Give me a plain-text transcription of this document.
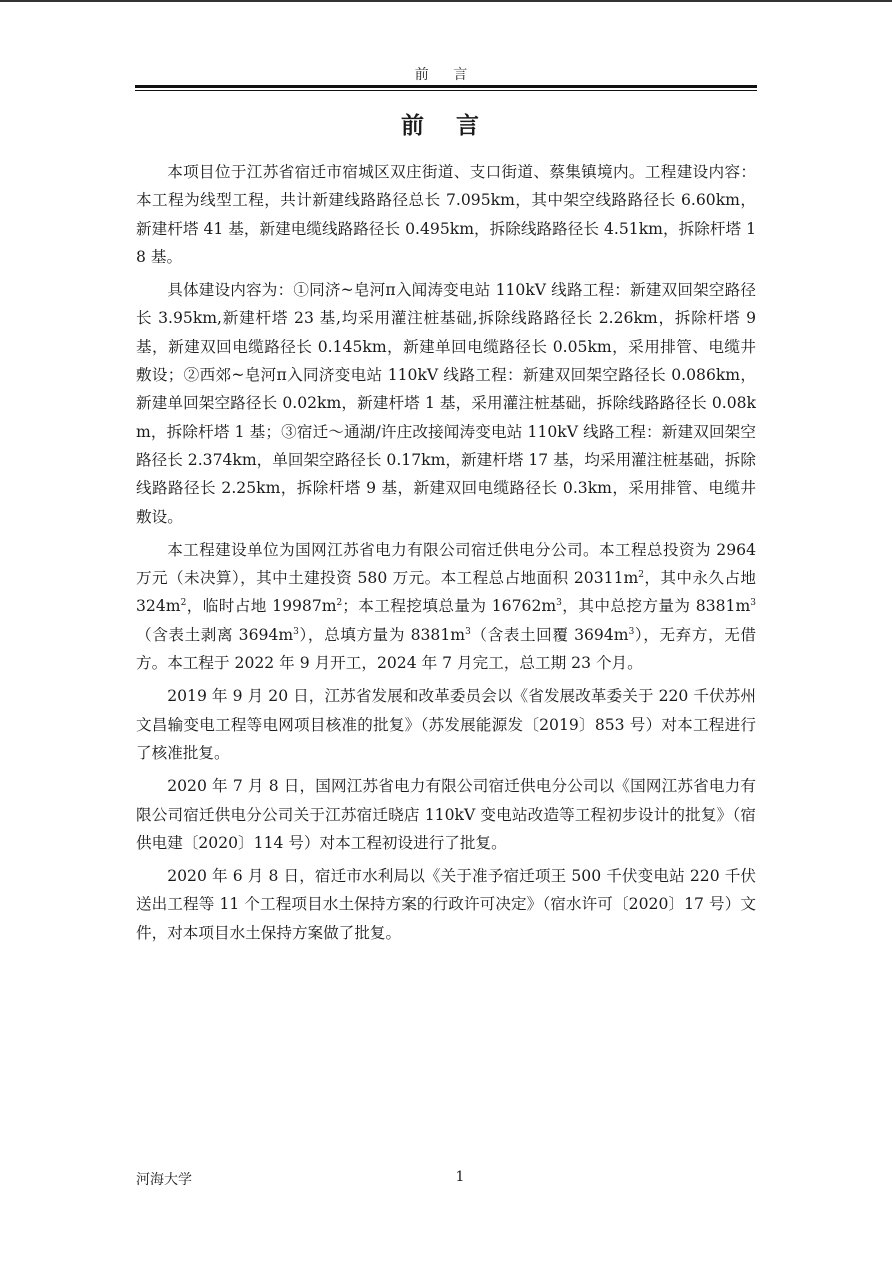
前 言
前 言

本项目位于江苏省宿迁市宿城区双庄街道、支口街道、蔡集镇境内。工程建设内容：本工程为线型工程，共计新建线路路径总长 7.095km，其中架空线路路径长 6.60km，新建杆塔 41 基，新建电缆线路路径长 0.495km，拆除线路路径长 4.51km，拆除杆塔 18 基。

具体建设内容为：①同济~皂河π入闻涛变电站 110kV 线路工程：新建双回架空路径长 3.95km,新建杆塔 23 基,均采用灌注桩基础,拆除线路路径长 2.26km，拆除杆塔 9 基，新建双回电缆路径长 0.145km，新建单回电缆路径长 0.05km，采用排管、电缆井敷设；②西郊~皂河π入同济变电站 110kV 线路工程：新建双回架空路径长 0.086km，新建单回架空路径长 0.02km，新建杆塔 1 基，采用灌注桩基础，拆除线路路径长 0.08km，拆除杆塔 1 基；③宿迁～通湖/许庄改接闻涛变电站 110kV 线路工程：新建双回架空路径长 2.374km，单回架空路径长 0.17km，新建杆塔 17 基，均采用灌注桩基础，拆除线路路径长 2.25km，拆除杆塔 9 基，新建双回电缆路径长 0.3km，采用排管、电缆井敷设。

本工程建设单位为国网江苏省电力有限公司宿迁供电分公司。本工程总投资为 2964 万元（未决算），其中土建投资 580 万元。本工程总占地面积 $20311m^2$，其中永久占地 $324m^2$，临时占地 $19987m^2$；本工程挖填总量为 $16762m^3$，其中总挖方量为 $8381m^3$（含表土剥离 $3694m^3$），总填方量为 $8381m^3$（含表土回覆 $3694m^3$），无弃方，无借方。本工程于 2022 年 9 月开工，2024 年 7 月完工，总工期 23 个月。

2019 年 9 月 20 日，江苏省发展和改革委员会以《省发展改革委关于 220 千伏苏州文昌输变电工程等电网项目核准的批复》（苏发展能源发〔2019〕853 号）对本工程进行了核准批复。

2020 年 7 月 8 日，国网江苏省电力有限公司宿迁供电分公司以《国网江苏省电力有限公司宿迁供电分公司关于江苏宿迁晓店 110kV 变电站改造等工程初步设计的批复》（宿供电建〔2020〕114 号）对本工程初设进行了批复。

2020 年 6 月 8 日，宿迁市水利局以《关于准予宿迁项王 500 千伏变电站 220 千伏送出工程等 11 个工程项目水土保持方案的行政许可决定》（宿水许可〔2020〕17 号）文件，对本项目水土保持方案做了批复。

河海大学	1
